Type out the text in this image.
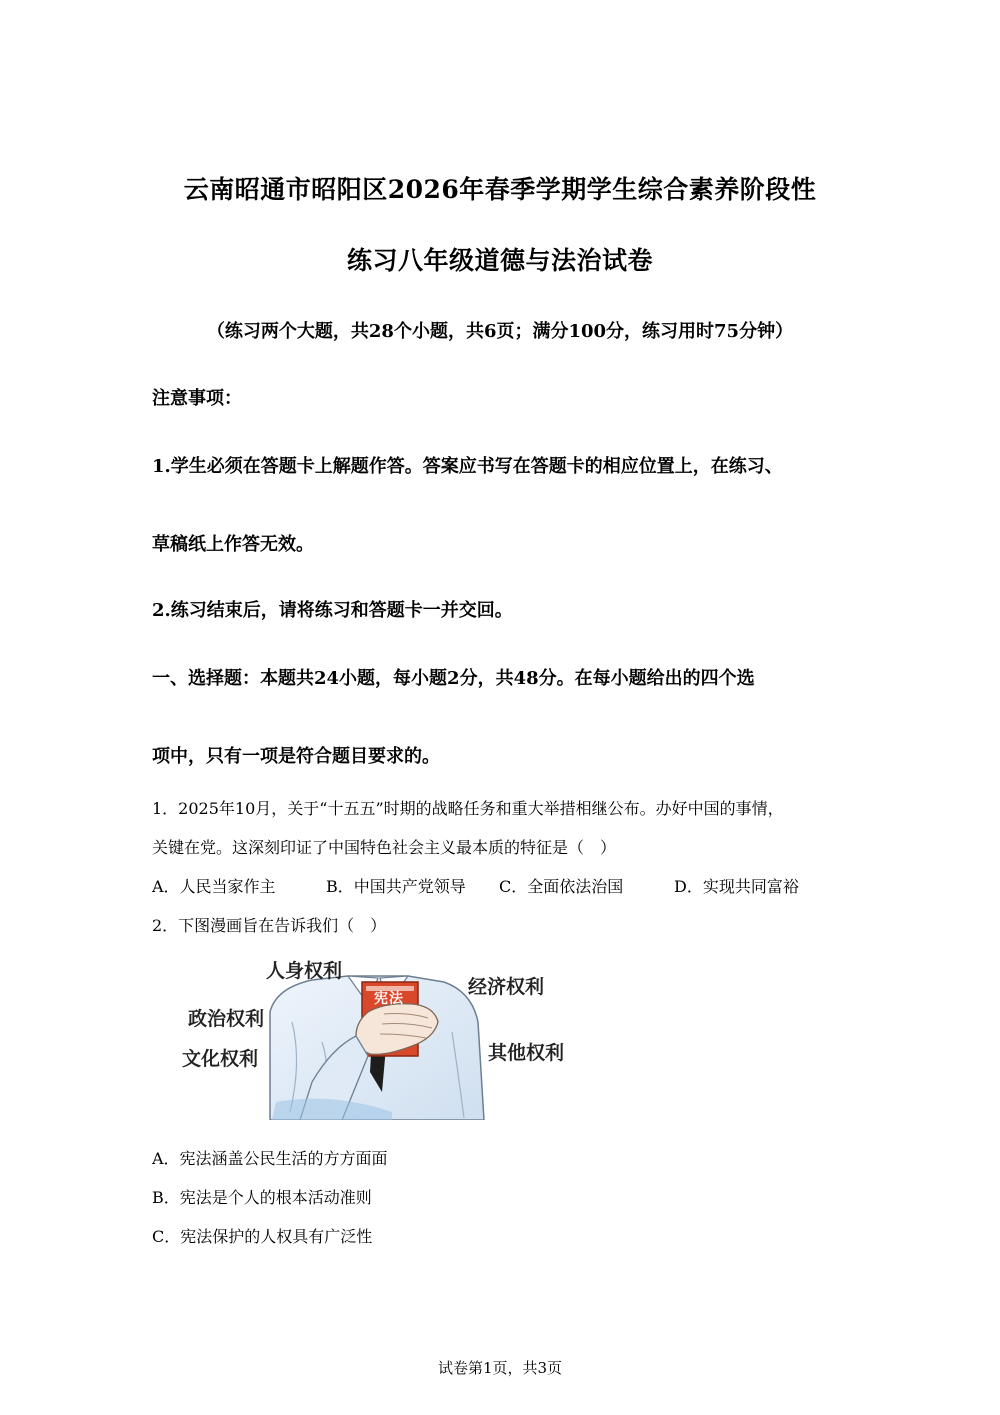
云南昭通市昭阳区2026年春季学期学生综合素养阶段性
练习八年级道德与法治试卷
（练习两个大题，共28个小题，共6页；满分100分，练习用时75分钟）
注意事项：
1.学生必须在答题卡上解题作答。答案应书写在答题卡的相应位置上，在练习、
草稿纸上作答无效。
2.练习结束后，请将练习和答题卡一并交回。
一、选择题：本题共24小题，每小题2分，共48分。在每小题给出的四个选
项中，只有一项是符合题目要求的。
1．2025年10月，关于“十五五”时期的战略任务和重大举措相继公布。办好中国的事情，
关键在党。这深刻印证了中国特色社会主义最本质的特征是（　）
A．人民当家作主	B．中国共产党领导 C．全面依法治国	D．实现共同富裕
2．下图漫画旨在告诉我们（　）
宪法
人身权利
经济权利
政治权利
文化权利	其他权利
A．宪法涵盖公民生活的方方面面
B．宪法是个人的根本活动准则
C．宪法保护的人权具有广泛性
试卷第1页，共3页
